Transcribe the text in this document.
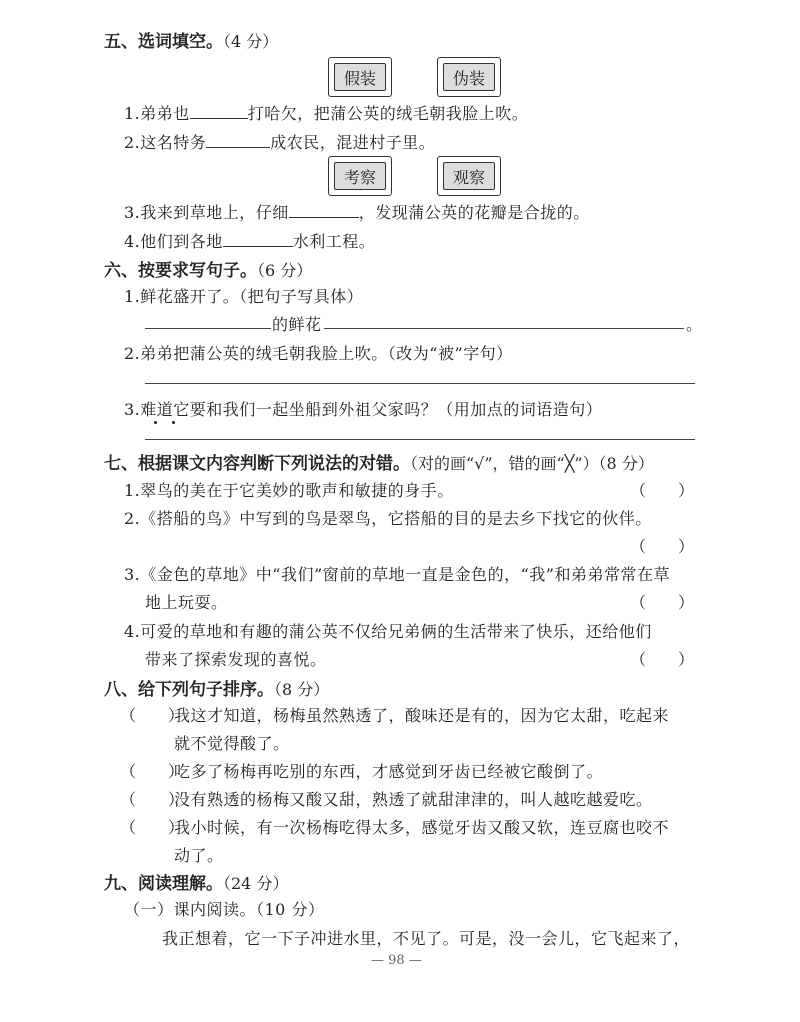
五、选词填空。（4 分）
假装	伪装
1.弟弟也	打哈欠，把蒲公英的绒毛朝我脸上吹。
2.这名特务	成农民，混进村子里。
考察	观察
3.我来到草地上，仔细	，发现蒲公英的花瓣是合拢的。
4.他们到各地	水利工程。
六、按要求写句子。（6 分）
1.鲜花盛开了。（把句子写具体）
的鲜花	。
2.弟弟把蒲公英的绒毛朝我脸上吹。（改为“被”字句）
3.难道它要和我们一起坐船到外祖父家吗？（用加点的词语造句）
七、根据课文内容判断下列说法的对错。（对的画“√”，错的画“╳”）（8 分）
1.翠鸟的美在于它美妙的歌声和敏捷的身手。	（　　）
2.《搭船的鸟》中写到的鸟是翠鸟，它搭船的目的是去乡下找它的伙伴。
（　　）
3.《金色的草地》中“我们”窗前的草地一直是金色的，“我”和弟弟常常在草
地上玩耍。	（　　）
4.可爱的草地和有趣的蒲公英不仅给兄弟俩的生活带来了快乐，还给他们
带来了探索发现的喜悦。	（　　）
八、给下列句子排序。（8 分）
（　　）
我这才知道，杨梅虽然熟透了，酸味还是有的，因为它太甜，吃起来
就不觉得酸了。
（　　）
吃多了杨梅再吃别的东西，才感觉到牙齿已经被它酸倒了。
（　　）
没有熟透的杨梅又酸又甜，熟透了就甜津津的，叫人越吃越爱吃。
（　　）
我小时候，有一次杨梅吃得太多，感觉牙齿又酸又软，连豆腐也咬不
动了。
九、阅读理解。（24 分）
（一）课内阅读。（10 分）
我正想着，它一下子冲进水里，不见了。可是，没一会儿，它飞起来了，
— 98 —
